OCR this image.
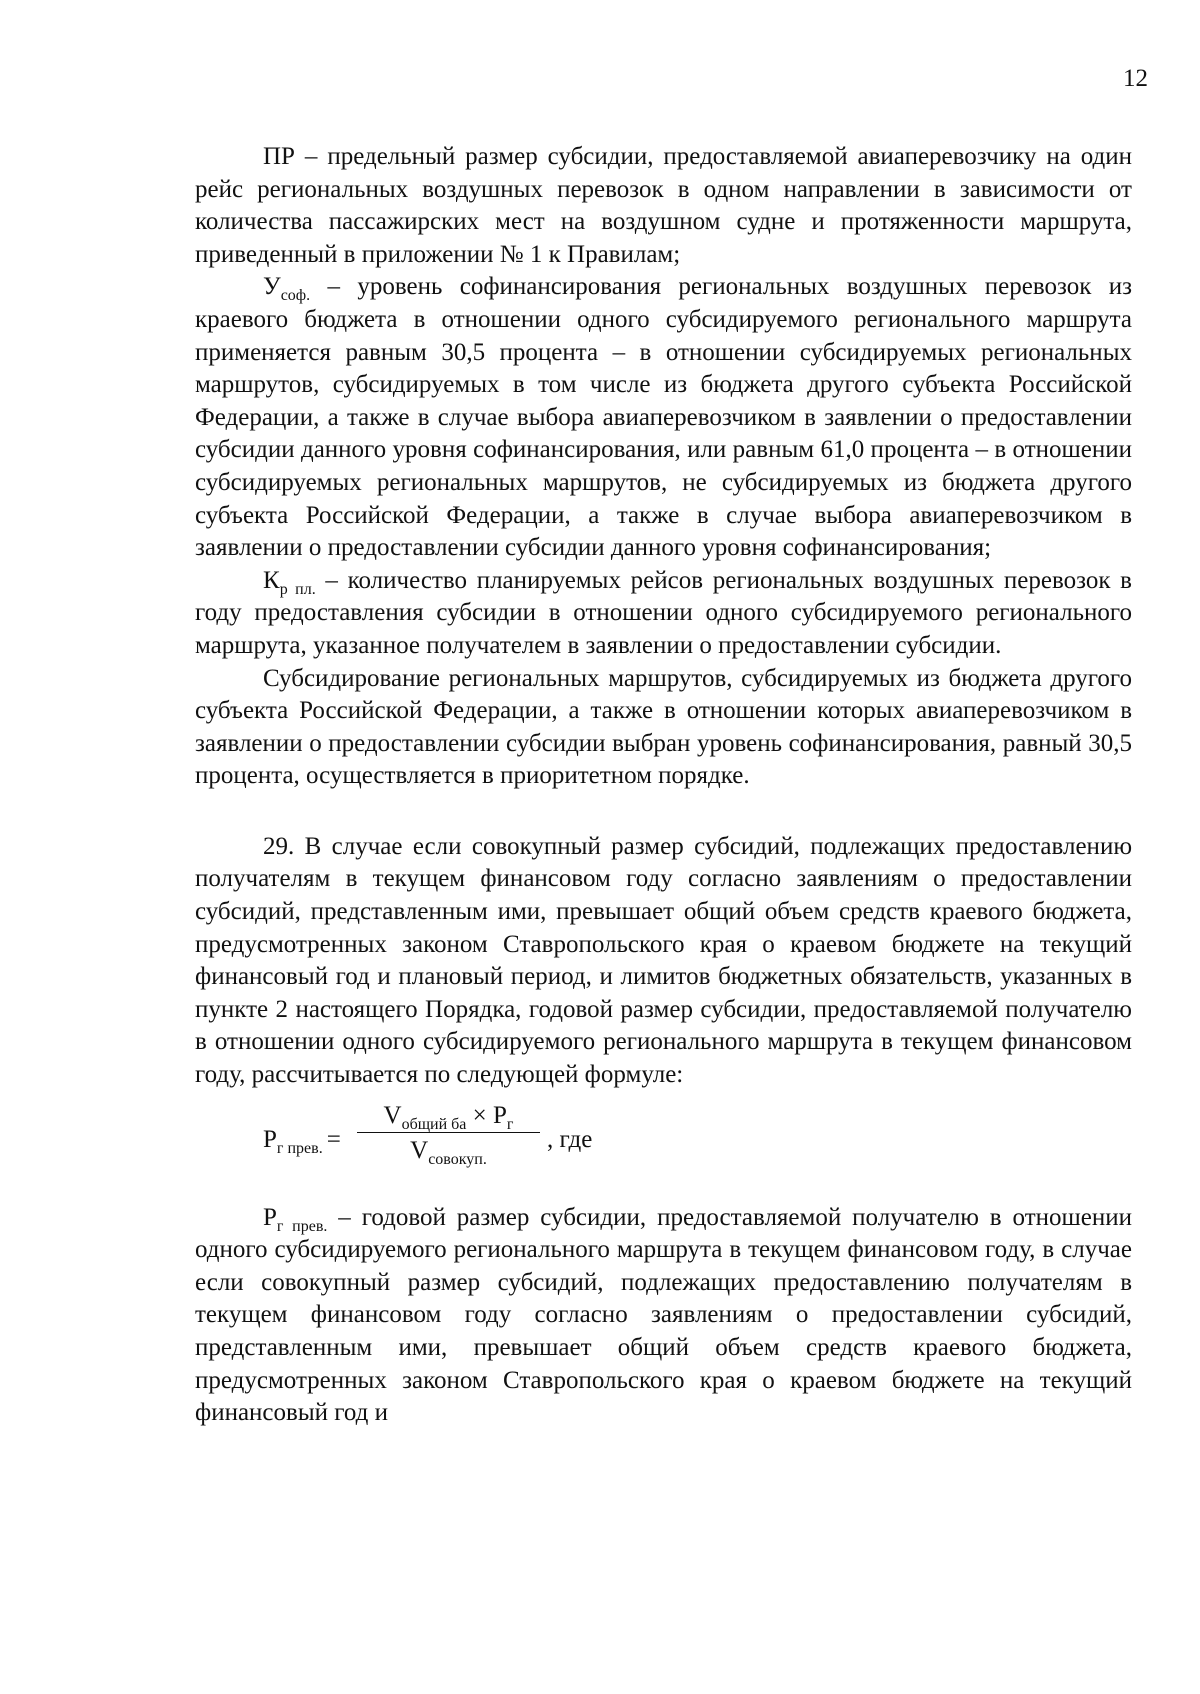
12

ПР – предельный размер субсидии, предоставляемой авиаперевозчику на один рейс региональных воздушных перевозок в одном направлении в зависимости от количества пассажирских мест на воздушном судне и протяженности маршрута, приведенный в приложении № 1 к Правилам;

$У_{соф.}$ – уровень софинансирования региональных воздушных перевозок из краевого бюджета в отношении одного субсидируемого регионального маршрута применяется равным 30,5 процента – в отношении субсидируемых региональных маршрутов, субсидируемых в том числе из бюджета другого субъекта Российской Федерации, а также в случае выбора авиаперевозчиком в заявлении о предоставлении субсидии данного уровня софинансирования, или равным 61,0 процента – в отношении субсидируемых региональных маршрутов, не субсидируемых из бюджета другого субъекта Российской Федерации, а также в случае выбора авиаперевозчиком в заявлении о предоставлении субсидии данного уровня софинансирования;

$К_{р пл.}$ – количество планируемых рейсов региональных воздушных перевозок в году предоставления субсидии в отношении одного субсидируемого регионального маршрута, указанное получателем в заявлении о предоставлении субсидии.

Субсидирование региональных маршрутов, субсидируемых из бюджета другого субъекта Российской Федерации, а также в отношении которых авиаперевозчиком в заявлении о предоставлении субсидии выбран уровень софинансирования, равный 30,5 процента, осуществляется в приоритетном порядке.

29. В случае если совокупный размер субсидий, подлежащих предоставлению получателям в текущем финансовом году согласно заявлениям о предоставлении субсидий, представленным ими, превышает общий объем средств краевого бюджета, предусмотренных законом Ставропольского края о краевом бюджете на текущий финансовый год и плановый период, и лимитов бюджетных обязательств, указанных в пункте 2 настоящего Порядка, годовой размер субсидии, предоставляемой получателю в отношении одного субсидируемого регионального маршрута в текущем финансовом году, рассчитывается по следующей формуле:

$Р_{г прев.}$ =
$V_{общий ба} \times Р_г$
$V_{совокуп.}$
, где

$Р_{г прев.}$ – годовой размер субсидии, предоставляемой получателю в отношении одного субсидируемого регионального маршрута в текущем финансовом году, в случае если совокупный размер субсидий, подлежащих предоставлению получателям в текущем финансовом году согласно заявлениям о предоставлении субсидий, представленным ими, превышает общий объем средств краевого бюджета, предусмотренных законом Ставропольского края о краевом бюджете на текущий финансовый год и
